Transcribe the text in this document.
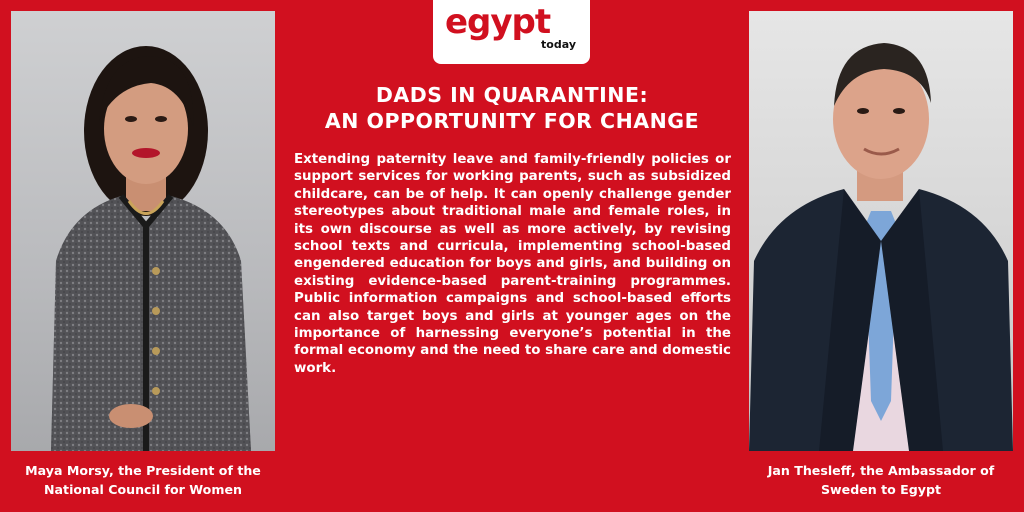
egypt
today
DADS IN QUARANTINE:
AN OPPORTUNITY FOR CHANGE
Extending paternity leave and family-friendly policies or support services for working parents, such as subsidized childcare, can be of help. It can openly challenge gender stereotypes about traditional male and female roles, in its own discourse as well as more actively, by revising school texts and curricula, implementing school-based engendered education for boys and girls, and building on existing evidence-based parent-training programmes. Public information campaigns and school-based efforts can also target boys and girls at younger ages on the importance of harnessing everyone’s potential in the formal economy and the need to share care and domestic work.
Maya Morsy, the President of the
National Council for Women
Jan Thesleff, the Ambassador of
Sweden to Egypt
